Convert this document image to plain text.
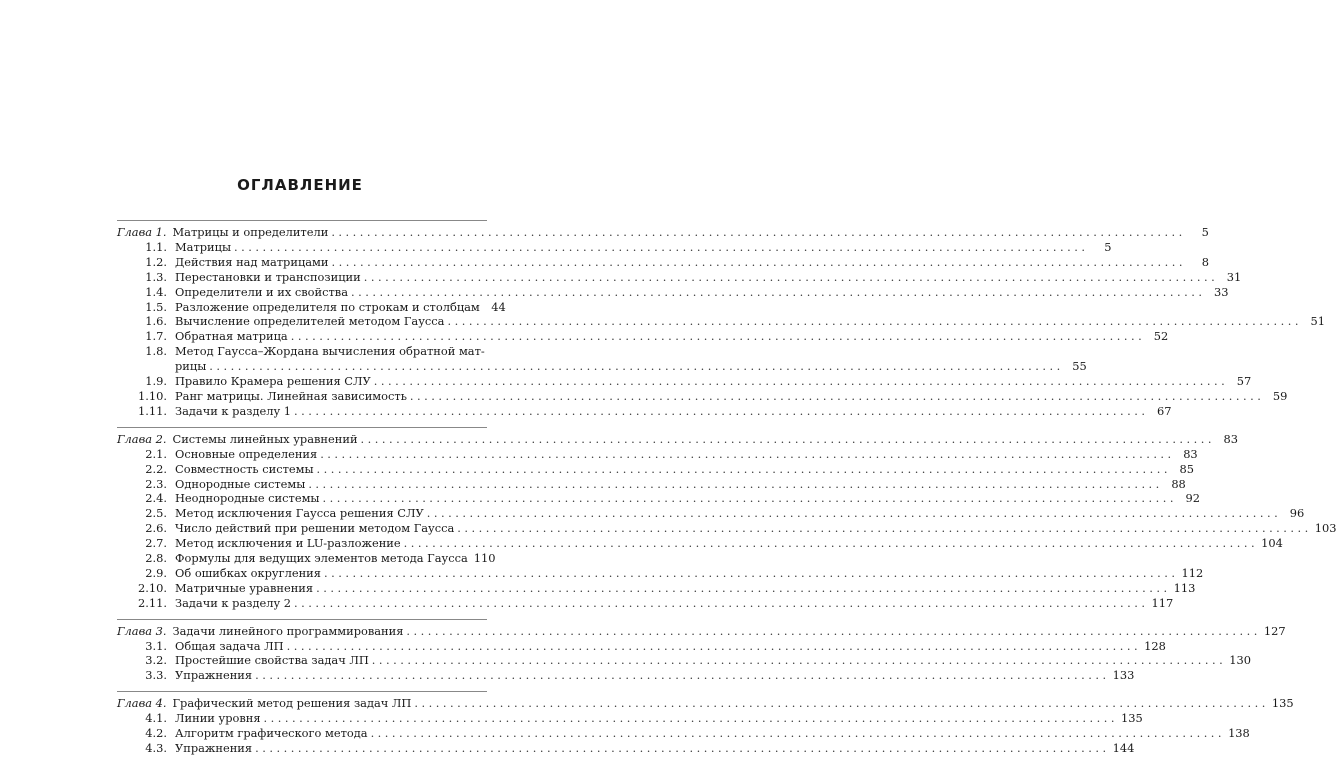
ОГЛАВЛЕНИЕ
Глава 1. Матрицы и определители ........................................................................................................................	5
1.1. Матрицы ........................................................................................................................	5
1.2. Действия над матрицами ........................................................................................................................	8
1.3. Перестановки и транспозиции ........................................................................................................................ 31
1.4. Определители и их свойства ........................................................................................................................ 33
1.5. Разложение определителя по строкам и столбцам	44
1.6. Вычисление определителей методом Гаусса ........................................................................................................................ 51
1.7. Обратная матрица ........................................................................................................................ 52
1.8. Метод Гаусса–Жордана вычисления обратной мат-
рицы ........................................................................................................................ 55
1.9. Правило Крамера решения СЛУ ........................................................................................................................ 57
1.10. Ранг матрицы. Линейная зависимость ........................................................................................................................ 59
1.11. Задачи к разделу 1 ........................................................................................................................ 67
Глава 2. Системы линейных уравнений ........................................................................................................................ 83
2.1. Основные определения ........................................................................................................................ 83
2.2. Совместность системы ........................................................................................................................ 85
2.3. Однородные системы ........................................................................................................................ 88
2.4. Неоднородные системы ........................................................................................................................ 92
2.5. Метод исключения Гаусса решения СЛУ ........................................................................................................................ 96
2.6. Число действий при решении методом Гаусса ........................................................................................................................ 103
2.7. Метод исключения и LU-разложение ........................................................................................................................ 104
2.8. Формулы для ведущих элементов метода Гаусса 110
2.9. Об ошибках округления ........................................................................................................................ 112
2.10. Матричные уравнения ........................................................................................................................ 113
2.11. Задачи к разделу 2 ........................................................................................................................ 117
Глава 3. Задачи линейного программирования ........................................................................................................................ 127
3.1. Общая задача ЛП ........................................................................................................................ 128
3.2. Простейшие свойства задач ЛП ........................................................................................................................ 130
3.3. Упражнения ........................................................................................................................ 133
Глава 4. Графический метод решения задач ЛП ........................................................................................................................ 135
4.1. Линии уровня ........................................................................................................................ 135
4.2. Алгоритм графического метода ........................................................................................................................ 138
4.3. Упражнения ........................................................................................................................ 144
